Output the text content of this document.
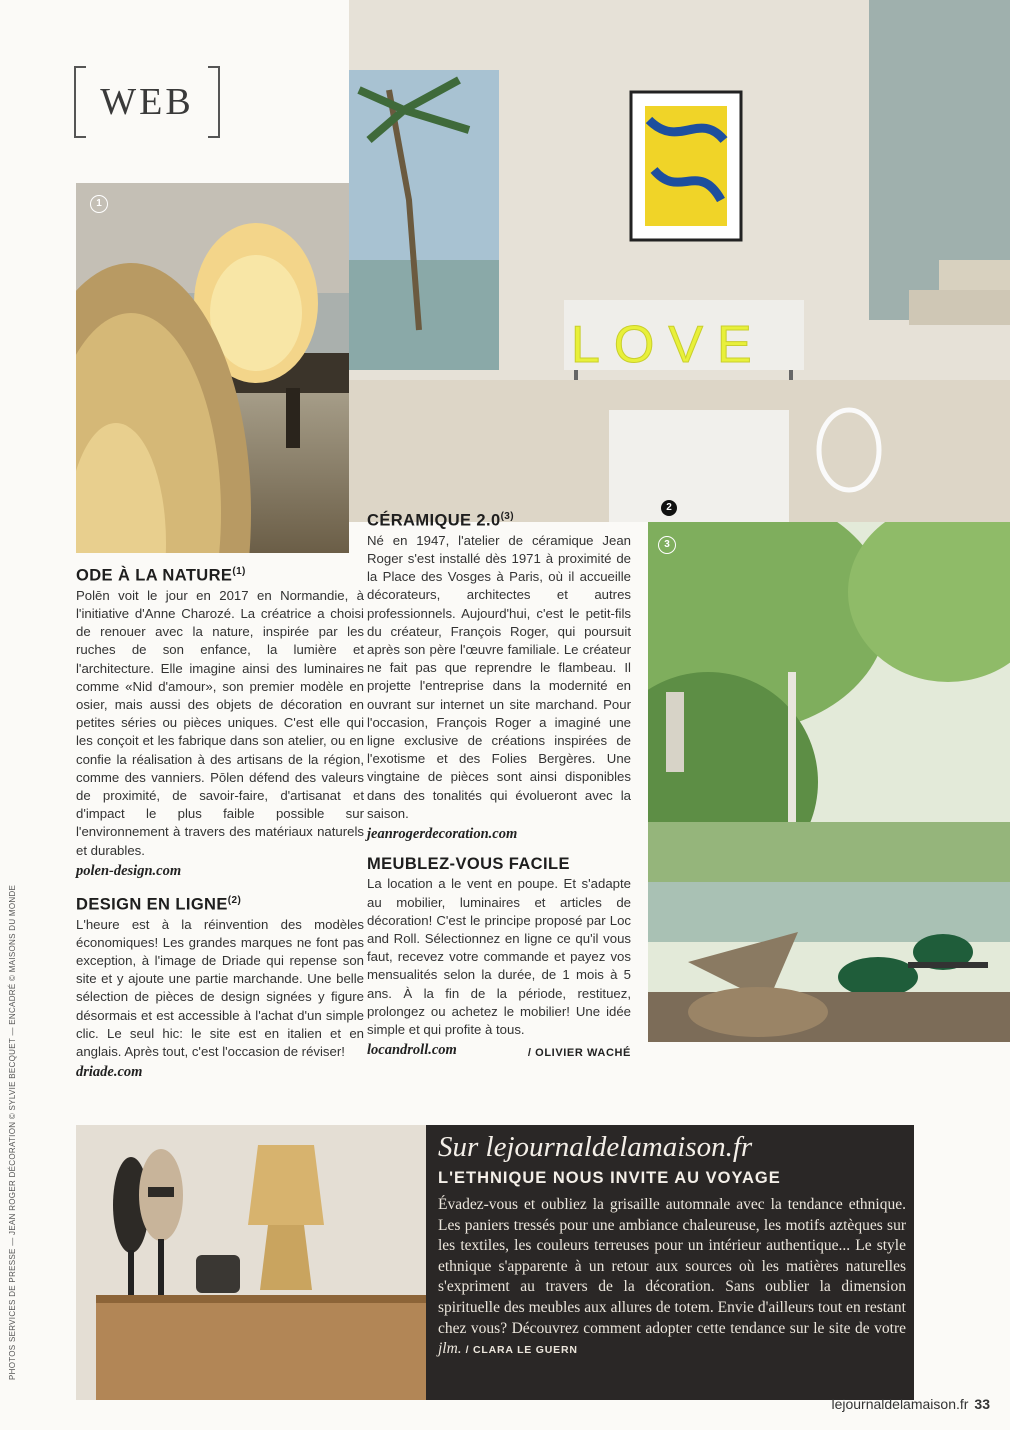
WEB
1
LOVE
2
3
ODE À LA NATURE$^{(1)}$

Polēn voit le jour en 2017 en Normandie, à l'initiative d'Anne Charozé. La créatrice a choisi de renouer avec la nature, inspirée par les ruches de son enfance, la lumière et l'architecture. Elle imagine ainsi des luminaires comme «Nid d'amour», son premier modèle en osier, mais aussi des objets de décoration en petites séries ou pièces uniques. C'est elle qui les conçoit et les fabrique dans son atelier, ou en confie la réalisation à des artisans de la région, comme des vanniers. Pōlen défend des valeurs de proximité, de savoir-faire, d'artisanat et d'impact le plus faible possible sur l'environnement à travers des matériaux naturels et durables.

polen-design.com
DESIGN EN LIGNE$^{(2)}$

L'heure est à la réinvention des modèles économiques! Les grandes marques ne font pas exception, à l'image de Driade qui repense son site et y ajoute une partie marchande. Une belle sélection de pièces de design signées y figure désormais et est accessible à l'achat d'un simple clic. Le seul hic: le site est en italien et en anglais. Après tout, c'est l'occasion de réviser!

driade.com
CÉRAMIQUE 2.0$^{(3)}$

Né en 1947, l'atelier de céramique Jean Roger s'est installé dès 1971 à proximité de la Place des Vosges à Paris, où il accueille décorateurs, architectes et autres professionnels. Aujourd'hui, c'est le petit-fils du créateur, François Roger, qui poursuit après son père l'œuvre familiale. Le créateur ne fait pas que reprendre le flambeau. Il projette l'entreprise dans la modernité en ouvrant sur internet un site marchand. Pour l'occasion, François Roger a imaginé une ligne exclusive de créations inspirées de l'exotisme et des Folies Bergères. Une vingtaine de pièces sont ainsi disponibles dans des tonalités qui évolueront avec la saison.

jeanrogerdecoration.com
MEUBLEZ-VOUS FACILE

La location a le vent en poupe. Et s'adapte au mobilier, luminaires et articles de décoration! C'est le principe proposé par Loc and Roll. Sélectionnez en ligne ce qu'il vous faut, recevez votre commande et payez vos mensualités selon la durée, de 1 mois à 5 ans. À la fin de la période, restituez, prolongez ou achetez le mobilier! Une idée simple et qui profite à tous.

locandroll.com	/ OLIVIER WACHÉ
Sur lejournaldelamaison.fr
L'ETHNIQUE NOUS INVITE AU VOYAGE
Évadez-vous et oubliez la grisaille automnale avec la tendance ethnique. Les paniers tressés pour une ambiance chaleureuse, les motifs aztèques sur les textiles, les couleurs terreuses pour un intérieur authentique... Le style ethnique s'apparente à un retour aux sources où les matières naturelles s'expriment au travers de la décoration. Sans oublier la dimension spirituelle des meubles aux allures de totem. Envie d'ailleurs tout en restant chez vous? Découvrez comment adopter cette tendance sur le site de votre jlm. / CLARA LE GUERN
PHOTOS SERVICES DE PRESSE — JEAN ROGER DÉCORATION © SYLVIE BECQUET — ENCADRÉ © MAISONS DU MONDE
lejournaldelamaison.fr 33
